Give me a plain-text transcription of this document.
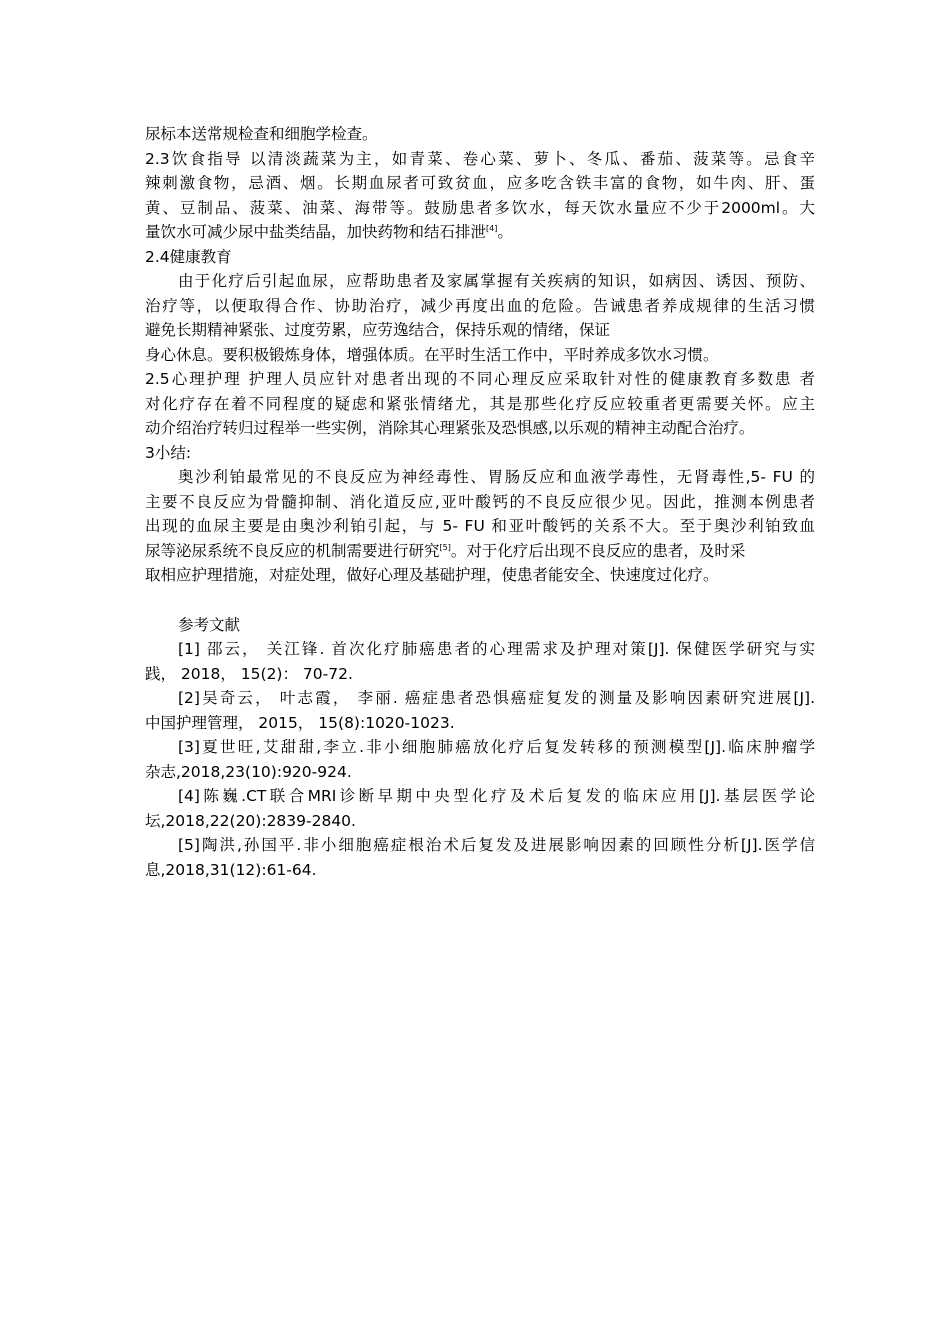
尿标本送常规检查和细胞学检查。
2.3饮食指导 以清淡蔬菜为主，如青菜、卷心菜、萝卜、冬瓜、番茄、菠菜等。忌食辛
辣刺激食物，忌酒、烟。长期血尿者可致贫血，应多吃含铁丰富的食物，如牛肉、肝、蛋
黄、豆制品、菠菜、油菜、海带等。鼓励患者多饮水，每天饮水量应不少于2000ml。大
量饮水可减少尿中盐类结晶，加快药物和结石排泄[4]。
2.4健康教育
由于化疗后引起血尿，应帮助患者及家属掌握有关疾病的知识，如病因、诱因、预防、
治疗等，以便取得合作、协助治疗，减少再度出血的危险。告诫患者养成规律的生活习惯
避免长期精神紧张、过度劳累，应劳逸结合，保持乐观的情绪，保证
身心休息。要积极锻炼身体，增强体质。在平时生活工作中，平时养成多饮水习惯。
2.5心理护理 护理人员应针对患者出现的不同心理反应采取针对性的健康教育多数患 者
对化疗存在着不同程度的疑虑和紧张情绪尤，其是那些化疗反应较重者更需要关怀。应主
动介绍治疗转归过程举一些实例，消除其心理紧张及恐惧感,以乐观的精神主动配合治疗。
3小结:
奥沙利铂最常见的不良反应为神经毒性、胃肠反应和血液学毒性，无肾毒性,5- FU 的
主要不良反应为骨髓抑制、消化道反应,亚叶酸钙的不良反应很少见。因此，推测本例患者
出现的血尿主要是由奥沙利铂引起，与 5- FU 和亚叶酸钙的关系不大。至于奥沙利铂致血
尿等泌尿系统不良反应的机制需要进行研究[5]。对于化疗后出现不良反应的患者，及时采
取相应护理措施，对症处理，做好心理及基础护理，使患者能安全、快速度过化疗。
参考文献
[1] 邵云， 关江锋. 首次化疗肺癌患者的心理需求及护理对策[J]. 保健医学研究与实
践， 2018， 15(2)： 70-72.
[2]吴奇云， 叶志霞， 李丽. 癌症患者恐惧癌症复发的测量及影响因素研究进展[J].
中国护理管理， 2015， 15(8):1020-1023.
[3]夏世旺,艾甜甜,李立.非小细胞肺癌放化疗后复发转移的预测模型[J].临床肿瘤学
杂志,2018,23(10):920-924.
[4]陈巍.CT联合MRI诊断早期中央型化疗及术后复发的临床应用[J].基层医学论
坛,2018,22(20):2839-2840.
[5]陶洪,孙国平.非小细胞癌症根治术后复发及进展影响因素的回顾性分析[J].医学信
息,2018,31(12):61-64.
